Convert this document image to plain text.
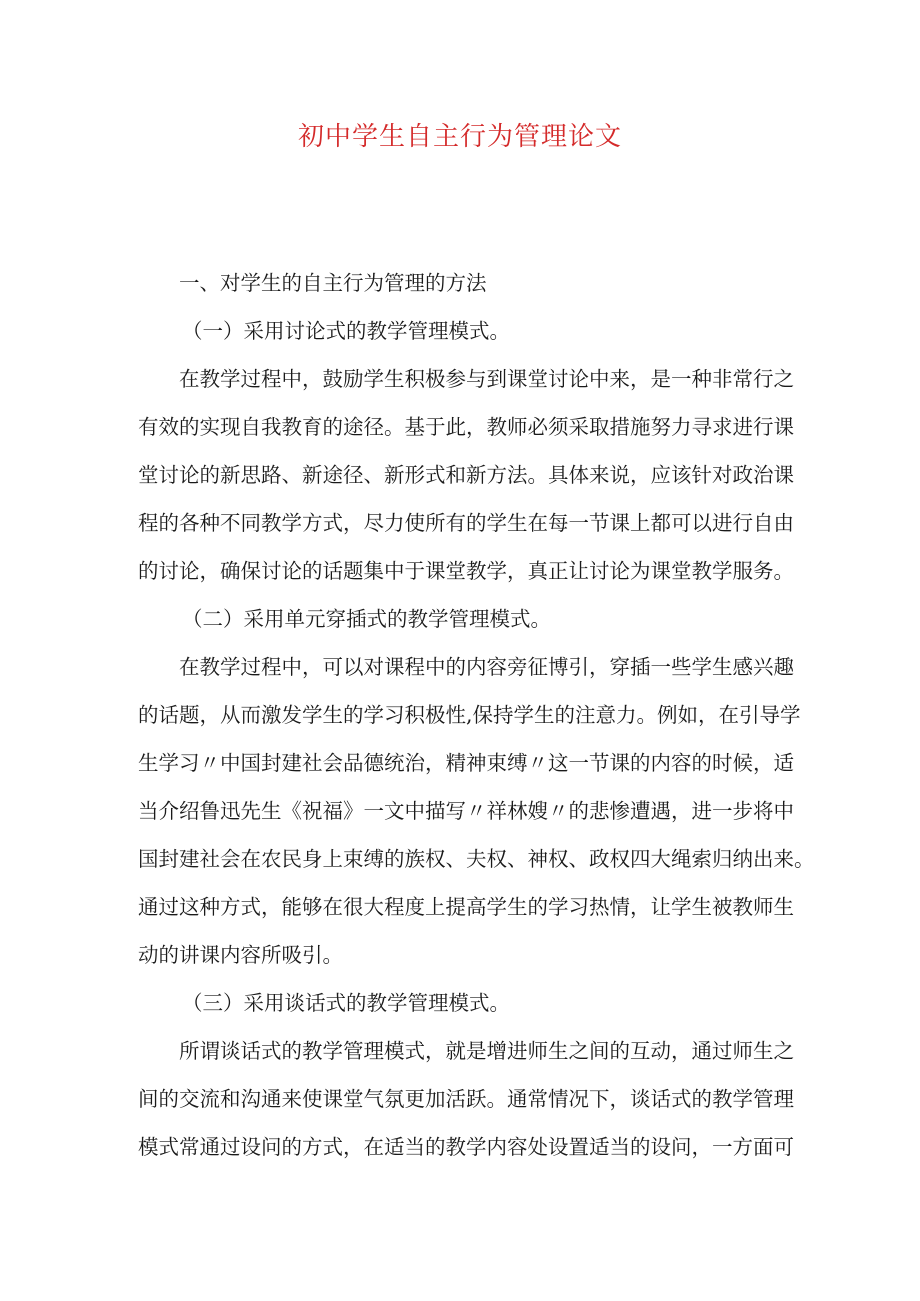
初中学生自主行为管理论文
一、对学生的自主行为管理的方法
（一）采用讨论式的教学管理模式。
在教学过程中，鼓励学生积极参与到课堂讨论中来，是一种非常行之
有效的实现自我教育的途径。基于此，教师必须采取措施努力寻求进行课
堂讨论的新思路、新途径、新形式和新方法。具体来说，应该针对政治课
程的各种不同教学方式，尽力使所有的学生在每一节课上都可以进行自由
的讨论，确保讨论的话题集中于课堂教学，真正让讨论为课堂教学服务。
（二）采用单元穿插式的教学管理模式。
在教学过程中，可以对课程中的内容旁征博引，穿插一些学生感兴趣
的话题，从而激发学生的学习积极性,保持学生的注意力。例如，在引导学
生学习〃中国封建社会品德统治，精神束缚〃这一节课的内容的时候，适
当介绍鲁迅先生《祝福》一文中描写〃祥林嫂〃的悲惨遭遇，进一步将中
国封建社会在农民身上束缚的族权、夫权、神权、政权四大绳索归纳出来。
通过这种方式，能够在很大程度上提高学生的学习热情，让学生被教师生
动的讲课内容所吸引。
（三）采用谈话式的教学管理模式。
所谓谈话式的教学管理模式，就是增进师生之间的互动，通过师生之
间的交流和沟通来使课堂气氛更加活跃。通常情况下，谈话式的教学管理
模式常通过设问的方式，在适当的教学内容处设置适当的设问，一方面可
